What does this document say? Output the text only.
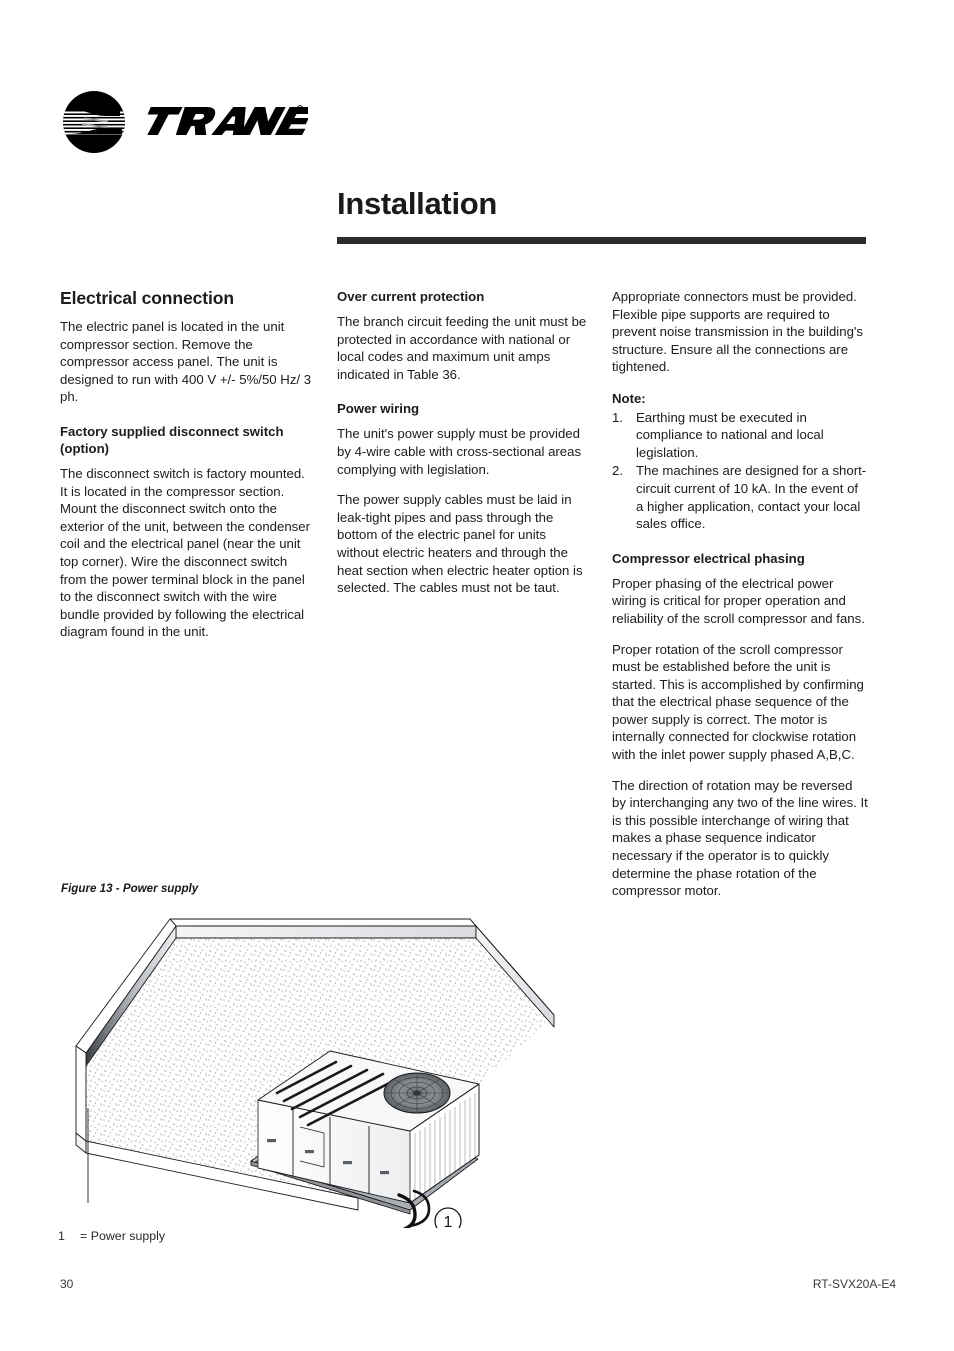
R
Installation
Electrical connection

The electric panel is located in the unit compressor section. Remove the compressor access panel. The unit is designed to run with 400 V +/- 5%/50 Hz/ 3 ph.

Factory supplied disconnect switch
(option)

The disconnect switch is factory mounted. It is located in the compressor section. Mount the disconnect switch onto the exterior of the unit, between the condenser coil and the electrical panel (near the unit top corner). Wire the disconnect switch from the power terminal block in the panel to the disconnect switch with the wire bundle provided by following the electrical diagram found in the unit.

Over current protection

The branch circuit feeding the unit must be protected in accordance with national or local codes and maximum unit amps indicated in Table 36.

Power wiring

The unit's power supply must be provided by 4-wire cable with cross-sectional areas complying with legislation.

The power supply cables must be laid in leak-tight pipes and pass through the bottom of the electric panel for units without electric heaters and through the heat section when electric heater option is selected. The cables must not be taut.

Appropriate connectors must be provided. Flexible pipe supports are required to prevent noise transmission in the building's structure. Ensure all the connections are tightened.

Note:
1. Earthing must be executed in compliance to national and local legislation.
2. The machines are designed for a short-circuit current of 10 kA. In the event of a higher application, contact your local sales office.
Compressor electrical phasing

Proper phasing of the electrical power wiring is critical for proper operation and reliability of the scroll compressor and fans.

Proper rotation of the scroll compressor must be established before the unit is started. This is accomplished by confirming that the electrical phase sequence of the power supply is correct. The motor is internally connected for clockwise rotation with the inlet power supply phased A,B,C.

The direction of rotation may be reversed by interchanging any two of the line wires. It is this possible interchange of wiring that makes a phase sequence indicator necessary if the operator is to quickly determine the phase rotation of the compressor motor.

Figure 13 - Power supply
1
1 = Power supply
30	RT-SVX20A-E4
